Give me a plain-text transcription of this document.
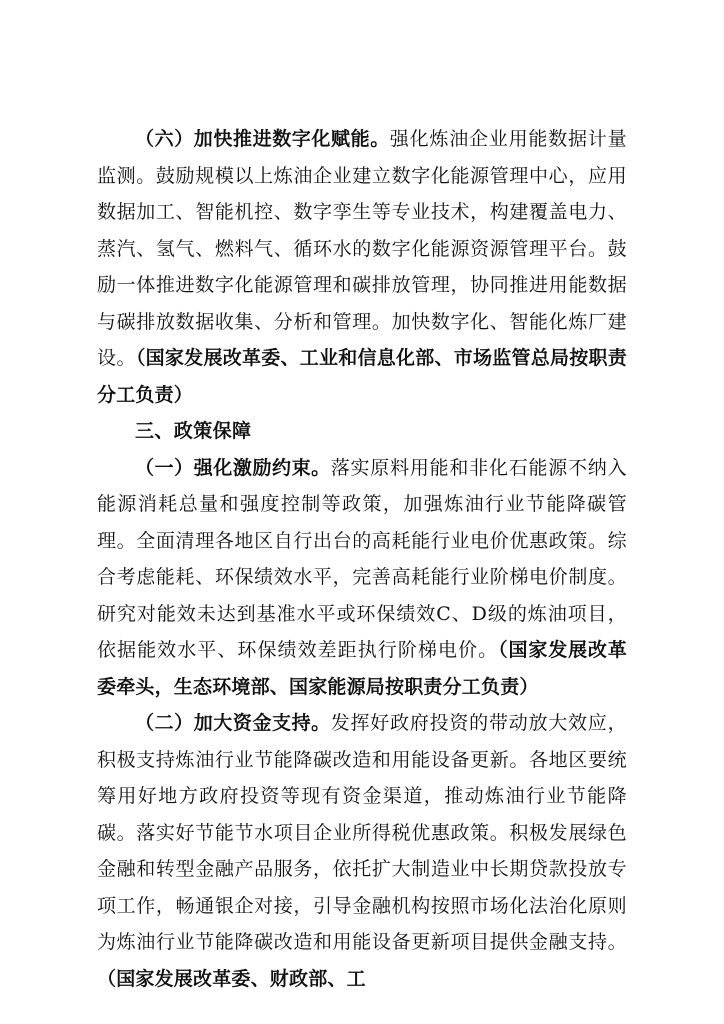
（六）加快推进数字化赋能。强化炼油企业用能数据计量监测。鼓励规模以上炼油企业建立数字化能源管理中心，应用数据加工、智能机控、数字孪生等专业技术，构建覆盖电力、蒸汽、氢气、燃料气、循环水的数字化能源资源管理平台。鼓励一体推进数字化能源管理和碳排放管理，协同推进用能数据与碳排放数据收集、分析和管理。加快数字化、智能化炼厂建设。（国家发展改革委、工业和信息化部、市场监管总局按职责分工负责）

三、政策保障

（一）强化激励约束。落实原料用能和非化石能源不纳入能源消耗总量和强度控制等政策，加强炼油行业节能降碳管理。全面清理各地区自行出台的高耗能行业电价优惠政策。综合考虑能耗、环保绩效水平，完善高耗能行业阶梯电价制度。研究对能效未达到基准水平或环保绩效C、D级的炼油项目，依据能效水平、环保绩效差距执行阶梯电价。（国家发展改革委牵头，生态环境部、国家能源局按职责分工负责）

（二）加大资金支持。发挥好政府投资的带动放大效应，积极支持炼油行业节能降碳改造和用能设备更新。各地区要统筹用好地方政府投资等现有资金渠道，推动炼油行业节能降碳。落实好节能节水项目企业所得税优惠政策。积极发展绿色金融和转型金融产品服务，依托扩大制造业中长期贷款投放专项工作，畅通银企对接，引导金融机构按照市场化法治化原则为炼油行业节能降碳改造和用能设备更新项目提供金融支持。（国家发展改革委、财政部、工
